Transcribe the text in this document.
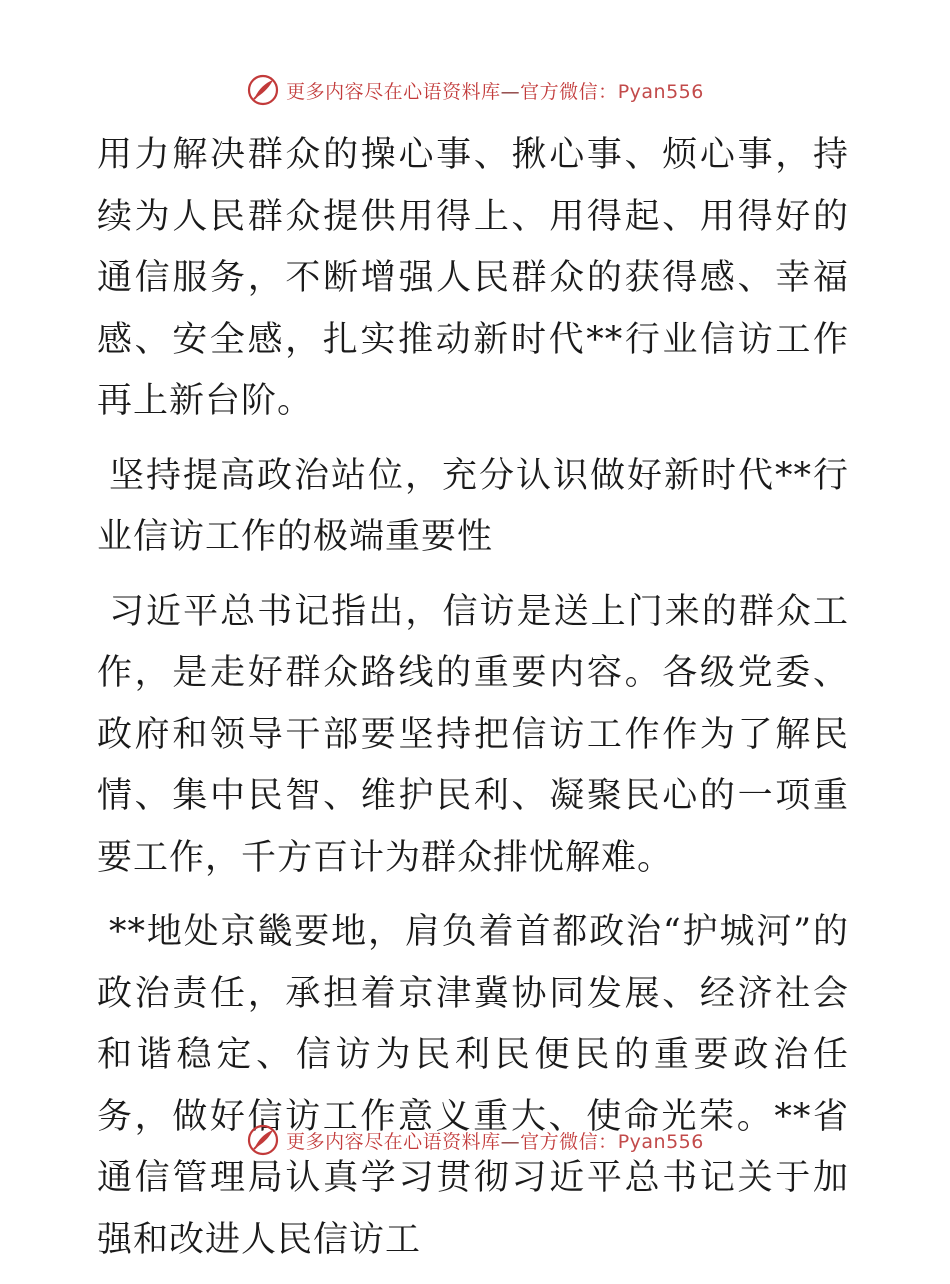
更多内容尽在心语资料库—官方微信：Pyan556

用力解决群众的操心事、揪心事、烦心事，持续为人民群众提供用得上、用得起、用得好的通信服务，不断增强人民群众的获得感、幸福感、安全感，扎实推动新时代**行业信访工作再上新台阶。

坚持提高政治站位，充分认识做好新时代**行业信访工作的极端重要性

习近平总书记指出，信访是送上门来的群众工作，是走好群众路线的重要内容。各级党委、政府和领导干部要坚持把信访工作作为了解民情、集中民智、维护民利、凝聚民心的一项重要工作，千方百计为群众排忧解难。

**地处京畿要地，肩负着首都政治“护城河”的政治责任，承担着京津冀协同发展、经济社会和谐稳定、信访为民利民便民的重要政治任务，做好信访工作意义重大、使命光荣。**省通信管理局认真学习贯彻习近平总书记关于加强和改进人民信访工

更多内容尽在心语资料库—官方微信：Pyan556
